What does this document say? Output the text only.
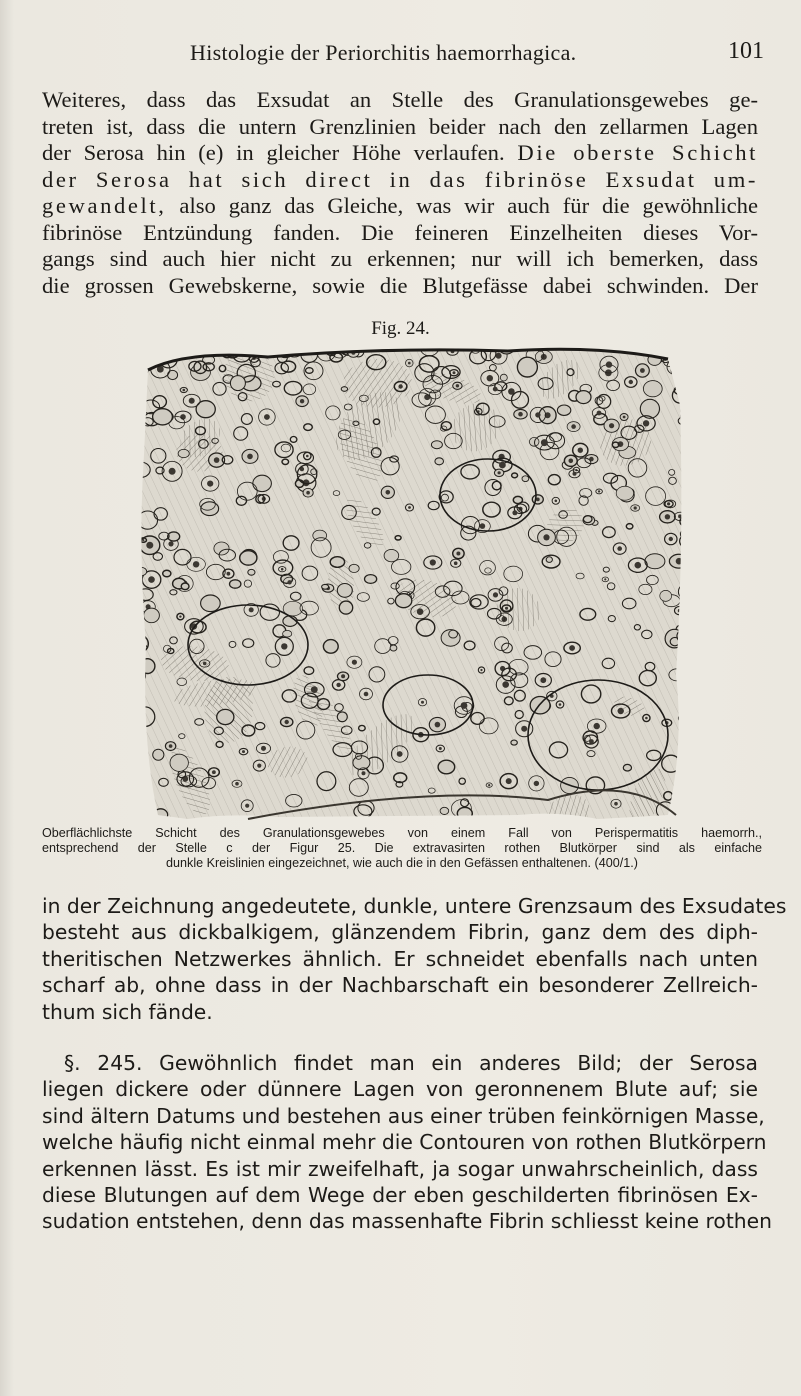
Histologie der Periorchitis haemorrhagica.	101
Weiteres, dass das Exsudat an Stelle des Granulationsgewebes ge-
treten ist, dass die untern Grenzlinien beider nach den zellarmen Lagen
der Serosa hin (e) in gleicher Höhe verlaufen. Die oberste Schicht
der Serosa hat sich direct in das fibrinöse Exsudat um-
gewandelt, also ganz das Gleiche, was wir auch für die gewöhnliche
fibrinöse Entzündung fanden. Die feineren Einzelheiten dieses Vor-
gangs sind auch hier nicht zu erkennen; nur will ich bemerken, dass
die grossen Gewebskerne, sowie die Blutgefässe dabei schwinden. Der
Fig. 24.
Oberflächlichste Schicht des Granulationsgewebes von einem Fall von Perispermatitis haemorrh.,
entsprechend der Stelle c der Figur 25. Die extravasirten rothen Blutkörper sind als einfache
dunkle Kreislinien eingezeichnet, wie auch die in den Gefässen enthaltenen. (400/1.)
in der Zeichnung angedeutete, dunkle, untere Grenzsaum des Exsudates
besteht aus dickbalkigem, glänzendem Fibrin, ganz dem des diph-
theritischen Netzwerkes ähnlich. Er schneidet ebenfalls nach unten
scharf ab, ohne dass in der Nachbarschaft ein besonderer Zellreich-
thum sich fände.
§. 245. Gewöhnlich findet man ein anderes Bild; der Serosa
liegen dickere oder dünnere Lagen von geronnenem Blute auf; sie
sind ältern Datums und bestehen aus einer trüben feinkörnigen Masse,
welche häufig nicht einmal mehr die Contouren von rothen Blutkörpern
erkennen lässt. Es ist mir zweifelhaft, ja sogar unwahrscheinlich, dass
diese Blutungen auf dem Wege der eben geschilderten fibrinösen Ex-
sudation entstehen, denn das massenhafte Fibrin schliesst keine rothen
